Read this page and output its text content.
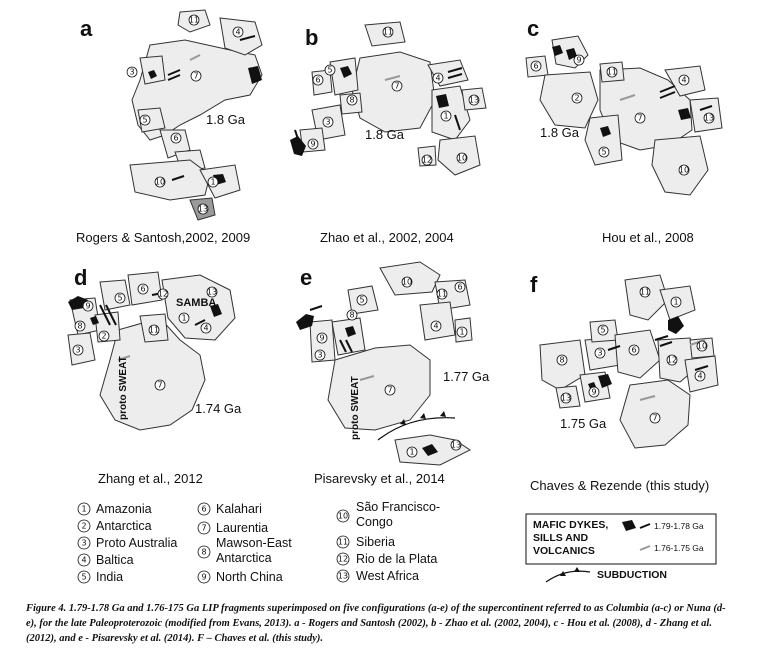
a	11
4
3	7
5
6
10	1
13
1.8 Ga
Rogers & Santosh,2002, 2009
b	11
6
5
7
4
8
3
9
1
13
10
12
1.8 Ga
Zhao et al., 2002, 2004
c
6
9
11
2
4
7	13
5
10
1.8 Ga
Hou et al., 2008
d
9
5
6
8
3
2
11
12
1
13
4
7
SAMBA
proto SWEAT	1.74 Ga
Zhang et al., 2012
e	10
6
5
11
9
8
3
4
1
7
1
13
proto SWEAT	1.77 Ga
Pisarevsky et al., 2014
f	11
1
5
6
8
3
12
10
4
9
13
7
1.75 Ga
Chaves & Rezende (this study)
1 Amazonia
2 Antarctica
3 Proto Australia
4 Baltica
5 India
6 Kalahari
7 Laurentia
8
Mawson-East
Antarctica
9 North China
10
São Francisco-
Congo
11 Siberia
12 Rio de la Plata
13 West Africa
MAFIC DYKES,
SILLS AND
VOLCANICS
1.79-1.78 Ga
1.76-1.75 Ga
SUBDUCTION
Figure 4. 1.79-1.78 Ga and 1.76-175 Ga LIP fragments superimposed on five configurations (a-e) of the supercontinent referred to as Columbia (a-c) or Nuna (d-e), for the late Paleoproterozoic (modified from Evans, 2013). a - Rogers and Santosh (2002), b - Zhao et al. (2002, 2004), c - Hou et al. (2008), d - Zhang et al. (2012), and e - Pisarevsky et al. (2014). F – Chaves et al. (this study).
